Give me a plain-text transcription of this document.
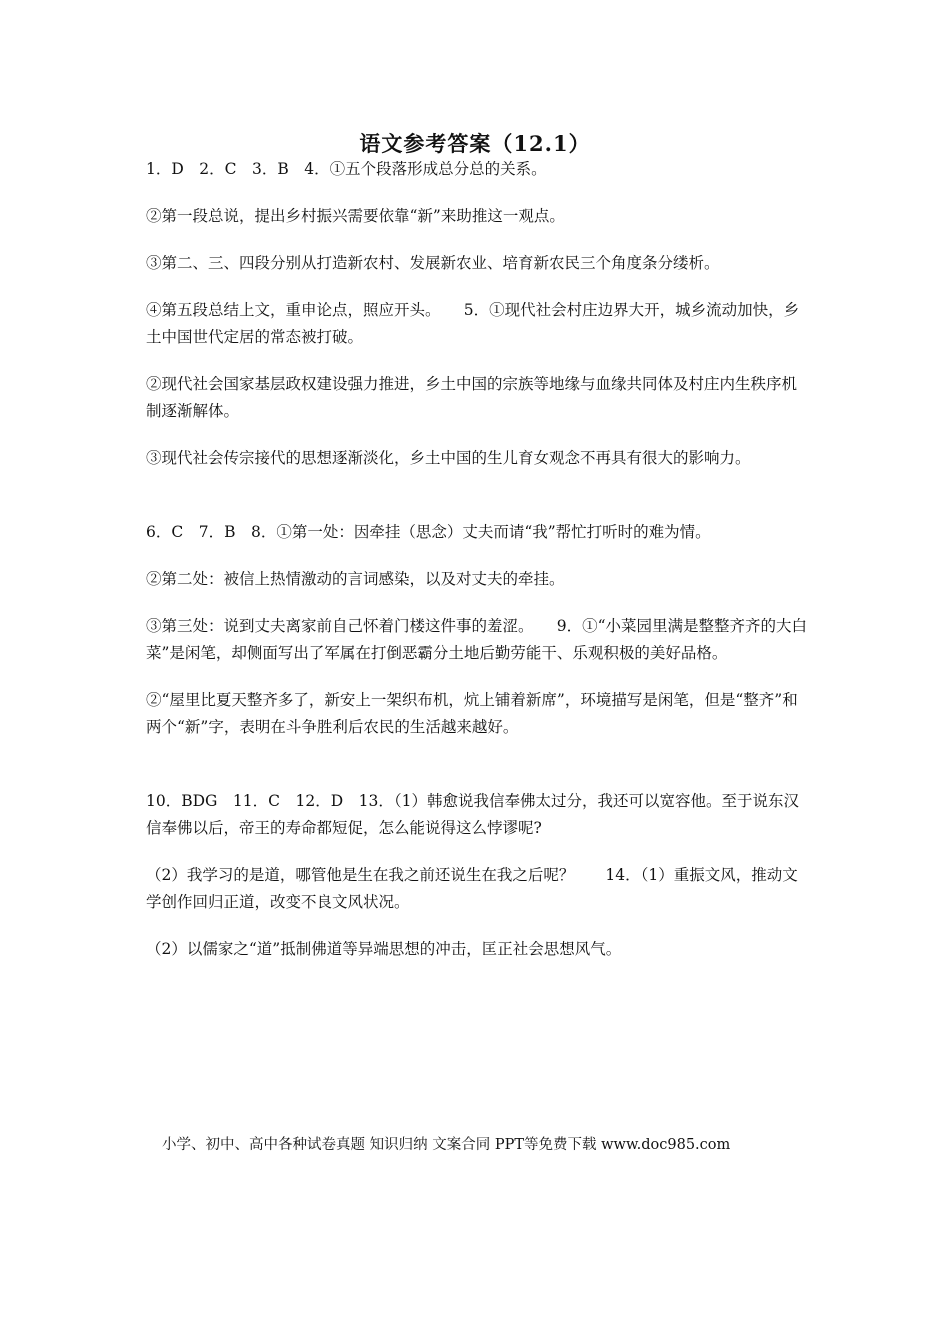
语文参考答案（12.1）

1．D　2．C　3．B　4．①五个段落形成总分总的关系。

②第一段总说，提出乡村振兴需要依靠“新”来助推这一观点。

③第二、三、四段分别从打造新农村、发展新农业、培育新农民三个角度条分缕析。

④第五段总结上文，重申论点，照应开头。　　5．①现代社会村庄边界大开，城乡流动加快，乡土中国世代定居的常态被打破。

②现代社会国家基层政权建设强力推进，乡土中国的宗族等地缘与血缘共同体及村庄内生秩序机制逐渐解体。

③现代社会传宗接代的思想逐渐淡化，乡土中国的生儿育女观念不再具有很大的影响力。

6．C　7．B　8．①第一处：因牵挂（思念）丈夫而请“我”帮忙打听时的难为情。

②第二处：被信上热情激动的言词感染，以及对丈夫的牵挂。

③第三处：说到丈夫离家前自己怀着门楼这件事的羞涩。　　9．①“小菜园里满是整整齐齐的大白菜”是闲笔，却侧面写出了军属在打倒恶霸分土地后勤劳能干、乐观积极的美好品格。

②“屋里比夏天整齐多了，新安上一架织布机，炕上铺着新席”，环境描写是闲笔，但是“整齐”和两个“新”字，表明在斗争胜利后农民的生活越来越好。

10．BDG　11．C　12．D　13．（1）韩愈说我信奉佛太过分，我还可以宽容他。至于说东汉信奉佛以后，帝王的寿命都短促，怎么能说得这么悖谬呢?

（2）我学习的是道，哪管他是生在我之前还说生在我之后呢？　　14．（1）重振文风，推动文学创作回归正道，改变不良文风状况。

（2）以儒家之“道”抵制佛道等异端思想的冲击，匡正社会思想风气。

小学、初中、高中各种试卷真题 知识归纳 文案合同 PPT等免费下载 www.doc985.com
